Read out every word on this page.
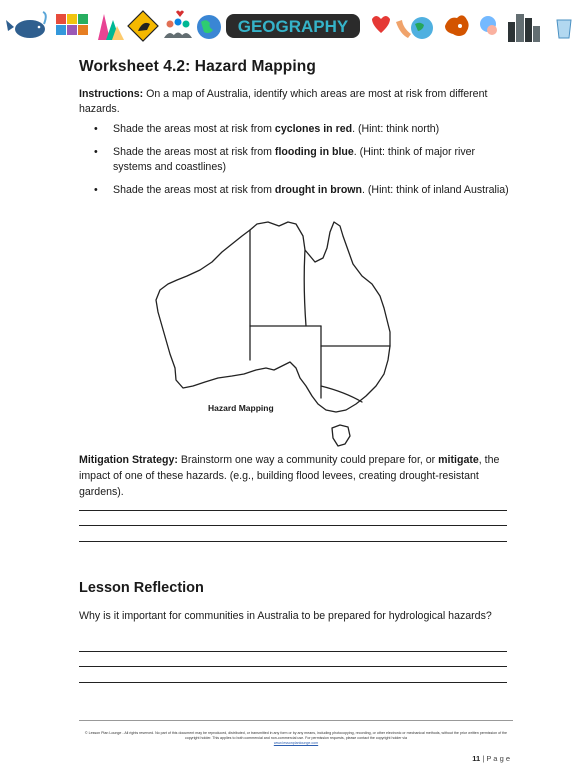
GEOGRAPHY
Worksheet 4.2: Hazard Mapping

Instructions: On a map of Australia, identify which areas are most at risk from different hazards.

• Shade the areas most at risk from cyclones in red. (Hint: think north)
• Shade the areas most at risk from flooding in blue. (Hint: think of major river systems and coastlines)
• Shade the areas most at risk from drought in brown. (Hint: think of inland Australia)
Hazard Mapping

Mitigation Strategy: Brainstorm one way a community could prepare for, or mitigate, the impact of one of these hazards. (e.g., building flood levees, creating drought-resistant gardens).

Lesson Reflection

Why is it important for communities in Australia to be prepared for hydrological hazards?

© Lesson Plan Lounge - All rights reserved. No part of this document may be reproduced, distributed, or transmitted in any form or by any means, including photocopying, recording, or other electronic or mechanical methods, without the prior written permission of the copyright holder. This applies to both commercial and non-commercial use. For permission requests, please contact the copyright holder via
www.lessonplanlounge.com
11 | P a g e
